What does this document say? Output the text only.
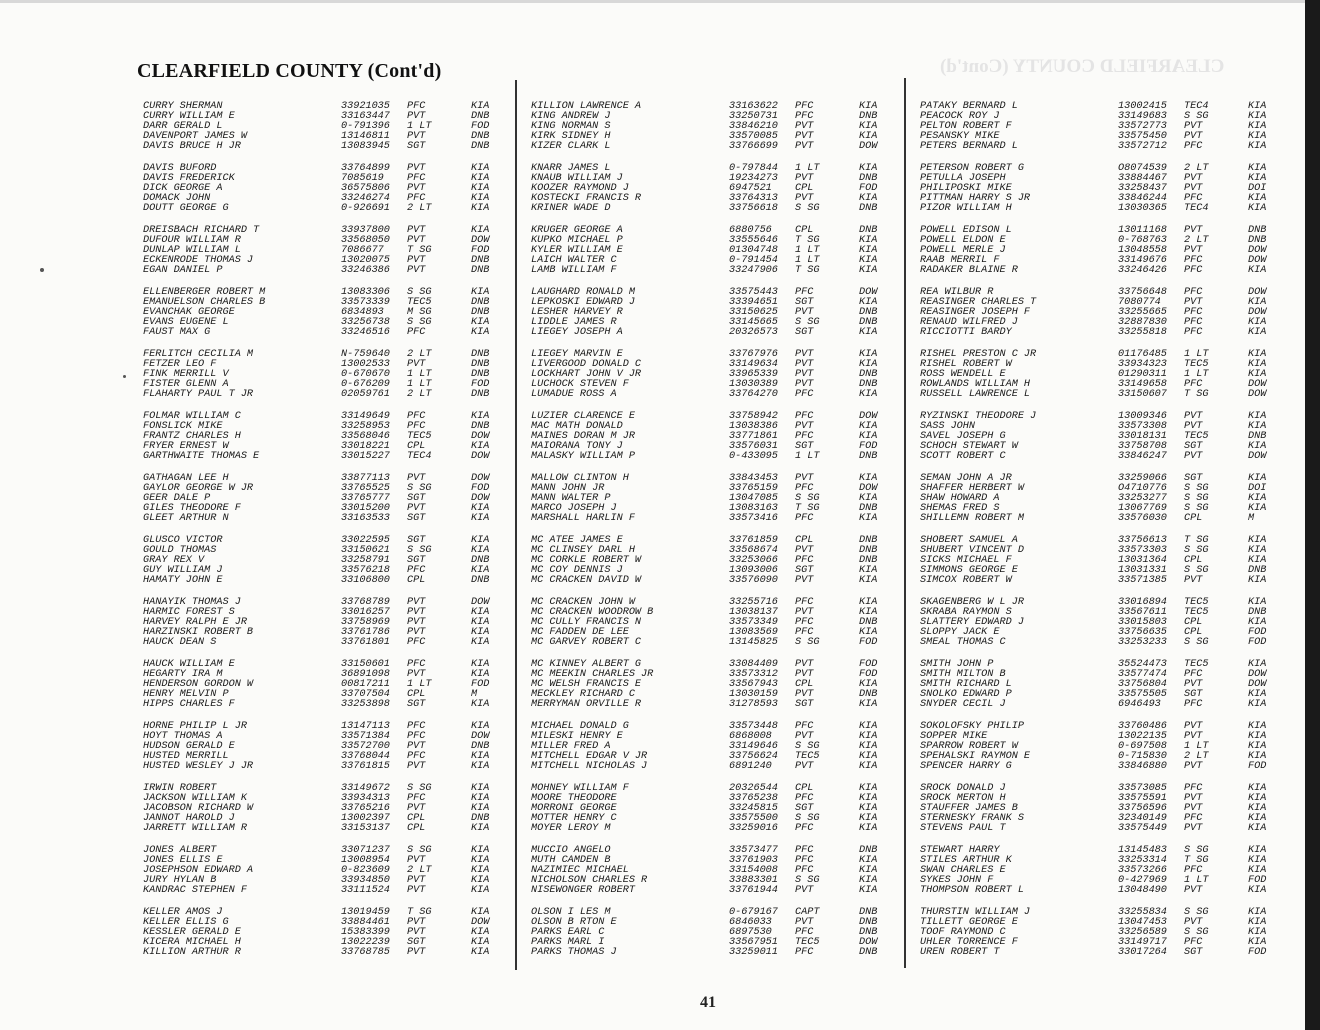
CLEARFIELD COUNTY (Cont'd)
CLEARFIELD COUNTY (Cont'd)
CURRY SHERMAN	33921035 PFC	KIA
CURRY WILLIAM E	33163447 PVT	DNB
DARR GERALD L	0-791396 1 LT	FOD
DAVENPORT JAMES W	13146811 PVT	DNB
DAVIS BRUCE H JR	13083945 SGT	DNB
DAVIS BUFORD	33764899 PVT	KIA
DAVIS FREDERICK	7085619 PFC	KIA
DICK GEORGE A	36575806 PVT	KIA
DOMACK JOHN	33246274 PFC	KIA
DOUTT GEORGE G	0-926691 2 LT	KIA
DREISBACH RICHARD T	33937800 PVT	KIA
DUFOUR WILLIAM R	33568050 PVT	DOW
DUNLAP WILLIAM L	7086677 T SG	FOD
ECKENRODE THOMAS J	13020075 PVT	DNB
EGAN DANIEL P	33246386 PVT	DNB
ELLENBERGER ROBERT M	13083306 S SG	KIA
EMANUELSON CHARLES B	33573339 TEC5	DNB
EVANCHAK GEORGE	6834893 M SG	DNB
EVANS EUGENE L	33256738 S SG	KIA
FAUST MAX G	33246516 PFC	KIA
FERLITCH CECILIA M	N-759640 2 LT	DNB
FETZER LEO F	13002533 PVT	DNB
FINK MERRILL V	0-670670 1 LT	DNB
FISTER GLENN A	0-676209 1 LT	FOD
FLAHARTY PAUL T JR	02059761 2 LT	DNB
FOLMAR WILLIAM C	33149649 PFC	KIA
FONSLICK MIKE	33258953 PFC	DNB
FRANTZ CHARLES H	33568046 TEC5	DOW
FRYER ERNEST W	33018221 CPL	KIA
GARTHWAITE THOMAS E	33015227 TEC4	DOW
GATHAGAN LEE H	33877113 PVT	DOW
GAYLOR GEORGE W JR	33765525 S SG	FOD
GEER DALE P	33765777 SGT	DOW
GILES THEODORE F	33015200 PVT	KIA
GLEET ARTHUR N	33163533 SGT	KIA
GLUSCO VICTOR	33022595 SGT	KIA
GOULD THOMAS	33150621 S SG	KIA
GRAY REX V	33258791 SGT	DNB
GUY WILLIAM J	33576218 PFC	KIA
HAMATY JOHN E	33106800 CPL	DNB
HANAYIK THOMAS J	33768789 PVT	DOW
HARMIC FOREST S	33016257 PVT	KIA
HARVEY RALPH E JR	33758969 PVT	KIA
HARZINSKI ROBERT B	33761786 PVT	KIA
HAUCK DEAN S	33761801 PFC	KIA
HAUCK WILLIAM E	33150601 PFC	KIA
HEGARTY IRA M	36891098 PVT	KIA
HENDERSON GORDON W	00817211 1 LT	FOD
HENRY MELVIN P	33707504 CPL	M
HIPPS CHARLES F	33253898 SGT	KIA
HORNE PHILIP L JR	13147113 PFC	KIA
HOYT THOMAS A	33571384 PFC	DOW
HUDSON GERALD E	33572700 PVT	DNB
HUSTED MERRILL	33768044 PFC	KIA
HUSTED WESLEY J JR	33761815 PVT	KIA
IRWIN ROBERT	33149672 S SG	KIA
JACKSON WILLIAM K	33934313 PFC	KIA
JACOBSON RICHARD W	33765216 PVT	KIA
JANNOT HAROLD J	13002397 CPL	DNB
JARRETT WILLIAM R	33153137 CPL	KIA
JONES ALBERT	33071237 S SG	KIA
JONES ELLIS E	13008954 PVT	KIA
JOSEPHSON EDWARD A	0-823609 2 LT	KIA
JURY HYLAN B	33934850 PVT	KIA
KANDRAC STEPHEN F	33111524 PVT	KIA
KELLER AMOS J	13019459 T SG	KIA
KELLER ELLIS G	33884461 PVT	DOW
KESSLER GERALD E	15383399 PVT	KIA
KICERA MICHAEL H	13022239 SGT	KIA
KILLION ARTHUR R	33768785 PVT	KIA
KILLION LAWRENCE A	33163622 PFC	KIA
KING ANDREW J	33250731 PFC	DNB
KING NORMAN S	33846210 PVT	KIA
KIRK SIDNEY H	33570085 PVT	KIA
KIZER CLARK L	33766699 PVT	DOW
KNARR JAMES L	0-797844 1 LT	KIA
KNAUB WILLIAM J	19234273 PVT	DNB
KOOZER RAYMOND J	6947521 CPL	FOD
KOSTECKI FRANCIS R	33764313 PVT	KIA
KRINER WADE D	33756618 S SG	DNB
KRUGER GEORGE A	6880756 CPL	DNB
KUPKO MICHAEL P	33555646 T SG	KIA
KYLER WILLIAM E	01304748 1 LT	KIA
LAICH WALTER C	0-791454 1 LT	KIA
LAMB WILLIAM F	33247906 T SG	KIA
LAUGHARD RONALD M	33575443 PFC	DOW
LEPKOSKI EDWARD J	33394651 SGT	KIA
LESHER HARVEY R	33150625 PVT	DNB
LIDDLE JAMES R	33145665 S SG	DNB
LIEGEY JOSEPH A	20326573 SGT	KIA
LIEGEY MARVIN E	33767976 PVT	KIA
LIVERGOOD DONALD C	33149634 PVT	KIA
LOCKHART JOHN V JR	33965339 PVT	DNB
LUCHOCK STEVEN F	13030389 PVT	DNB
LUMADUE ROSS A	33764270 PFC	KIA
LUZIER CLARENCE E	33758942 PFC	DOW
MAC MATH DONALD	13038386 PVT	KIA
MAINES DORAN M JR	33771861 PFC	KIA
MAIORANA TONY J	33576031 SGT	FOD
MALASKY WILLIAM P	0-433095 1 LT	DNB
MALLOW CLINTON H	33843453 PVT	KIA
MANN JOHN JR	33765159 PFC	DOW
MANN WALTER P	13047085 S SG	KIA
MARCO JOSEPH J	13083163 T SG	DNB
MARSHALL HARLIN F	33573416 PFC	KIA
MC ATEE JAMES E	33761859 CPL	DNB
MC CLINSEY DARL H	33568674 PVT	DNB
MC CORKLE ROBERT W	33253066 PFC	DNB
MC COY DENNIS J	13093006 SGT	KIA
MC CRACKEN DAVID W	33576090 PVT	KIA
MC CRACKEN JOHN W	33255716 PFC	KIA
MC CRACKEN WOODROW B	13038137 PVT	KIA
MC CULLY FRANCIS N	33573349 PFC	DNB
MC FADDEN DE LEE	13083569 PFC	KIA
MC GARVEY ROBERT C	13145825 S SG	FOD
MC KINNEY ALBERT G	33084409 PVT	FOD
MC MEEKIN CHARLES JR	33573312 PVT	FOD
MC WELSH FRANCIS E	33567943 CPL	KIA
MECKLEY RICHARD C	13030159 PVT	DNB
MERRYMAN ORVILLE R	31278593 SGT	KIA
MICHAEL DONALD G	33573448 PFC	KIA
MILESKI HENRY E	6868008 PVT	KIA
MILLER FRED A	33149646 S SG	KIA
MITCHELL EDGAR V JR	33756624 TEC5	KIA
MITCHELL NICHOLAS J	6891240 PVT	KIA
MOHNEY WILLIAM F	20326544 CPL	KIA
MOORE THEODORE	33765238 PFC	KIA
MORRONI GEORGE	33245815 SGT	KIA
MOTTER HENRY C	33575500 S SG	KIA
MOYER LEROY M	33259016 PFC	KIA
MUCCIO ANGELO	33573477 PFC	DNB
MUTH CAMDEN B	33761903 PFC	KIA
NAZIMIEC MICHAEL	33154008 PFC	KIA
NICHOLSON CHARLES R	33883301 S SG	KIA
NISEWONGER ROBERT	33761944 PVT	KIA
OLSON I LES M	0-679167 CAPT	DNB
OLSON B RTON E	6846033 PVT	DNB
PARKS EARL C	6897530 PFC	DNB
PARKS MARL I	33567951 TEC5	DOW
PARKS THOMAS J	33259011 PFC	DNB
PATAKY BERNARD L	13002415 TEC4	KIA
PEACOCK ROY J	33149683 S SG	KIA
PELTON ROBERT F	33572773 PVT	KIA
PESANSKY MIKE	33575450 PVT	KIA
PETERS BERNARD L	33572712 PFC	KIA
PETERSON ROBERT G	O8074539 2 LT	KIA
PETULLA JOSEPH	33884467 PVT	KIA
PHILIPOSKI MIKE	33258437 PVT	DOI
PITTMAN HARRY S JR	33846244 PFC	KIA
PIZOR WILLIAM H	13030365 TEC4	KIA
POWELL EDISON L	13011168 PVT	DNB
POWELL ELDON E	0-768763 2 LT	DNB
POWELL MERLE J	13048558 PVT	DOW
RAAB MERRIL F	33149676 PFC	DOW
RADAKER BLAINE R	33246426 PFC	KIA
REA WILBUR R	33756648 PFC	DOW
REASINGER CHARLES T	7080774 PVT	KIA
REASINGER JOSEPH F	33255665 PFC	DOW
RENAUD WILFRED J	32887830 PFC	KIA
RICCIOTTI BARDY	33255818 PFC	KIA
RISHEL PRESTON C JR	01176485 1 LT	KIA
RISHEL ROBERT W	33934323 TEC5	KIA
ROSS WENDELL E	01290311 1 LT	KIA
ROWLANDS WILLIAM H	33149658 PFC	DOW
RUSSELL LAWRENCE L	33150607 T SG	DOW
RYZINSKI THEODORE J	13009346 PVT	KIA
SASS JOHN	33573308 PVT	KIA
SAVEL JOSEPH G	33018131 TEC5	DNB
SCHOCH STEWART W	33758708 SGT	KIA
SCOTT ROBERT C	33846247 PVT	DOW
SEMAN JOHN A JR	33259066 SGT	KIA
SHAFFER HERBERT W	O4710776 S SG	DOI
SHAW HOWARD A	33253277 S SG	KIA
SHEMAS FRED S	13067769 S SG	KIA
SHILLEMN ROBERT M	33576030 CPL	M
SHOBERT SAMUEL A	33756613 T SG	KIA
SHUBERT VINCENT D	33573303 S SG	KIA
SICKS MICHAEL F	13031364 CPL	KIA
SIMMONS GEORGE E	13031331 S SG	DNB
SIMCOX ROBERT W	33571385 PVT	KIA
SKAGENBERG W L JR	33016894 TEC5	KIA
SKRABA RAYMON S	33567611 TEC5	DNB
SLATTERY EDWARD J	33015803 CPL	KIA
SLOPPY JACK E	33756635 CPL	FOD
SMEAL THOMAS C	33253233 S SG	FOD
SMITH JOHN P	35524473 TEC5	KIA
SMITH MILTON B	33577474 PFC	DOW
SMITH RICHARD L	33756804 PVT	DOW
SNOLKO EDWARD P	33575505 SGT	KIA
SNYDER CECIL J	6946493 PFC	KIA
SOKOLOFSKY PHILIP	33760486 PVT	KIA
SOPPER MIKE	13022135 PVT	KIA
SPARROW ROBERT W	0-697508 1 LT	KIA
SPEHALSKI RAYMON E	0-715830 2 LT	KIA
SPENCER HARRY G	33846880 PVT	FOD
SROCK DONALD J	33573085 PFC	KIA
SROCK MERTON H	33575591 PVT	KIA
STAUFFER JAMES B	33756596 PVT	KIA
STERNESKY FRANK S	32340149 PFC	KIA
STEVENS PAUL T	33575449 PVT	KIA
STEWART HARRY	13145483 S SG	KIA
STILES ARTHUR K	33253314 T SG	KIA
SWAN CHARLES E	33573266 PFC	KIA
SYKES JOHN F	0-427969 1 LT	FOD
THOMPSON ROBERT L	13048490 PVT	KIA
THURSTIN WILLIAM J	33255834 S SG	KIA
TILLETT GEORGE E	13047453 PVT	KIA
TOOF RAYMOND C	33256589 S SG	KIA
UHLER TORRENCE F	33149717 PFC	KIA
UREN ROBERT T	33017264 SGT	FOD
41
